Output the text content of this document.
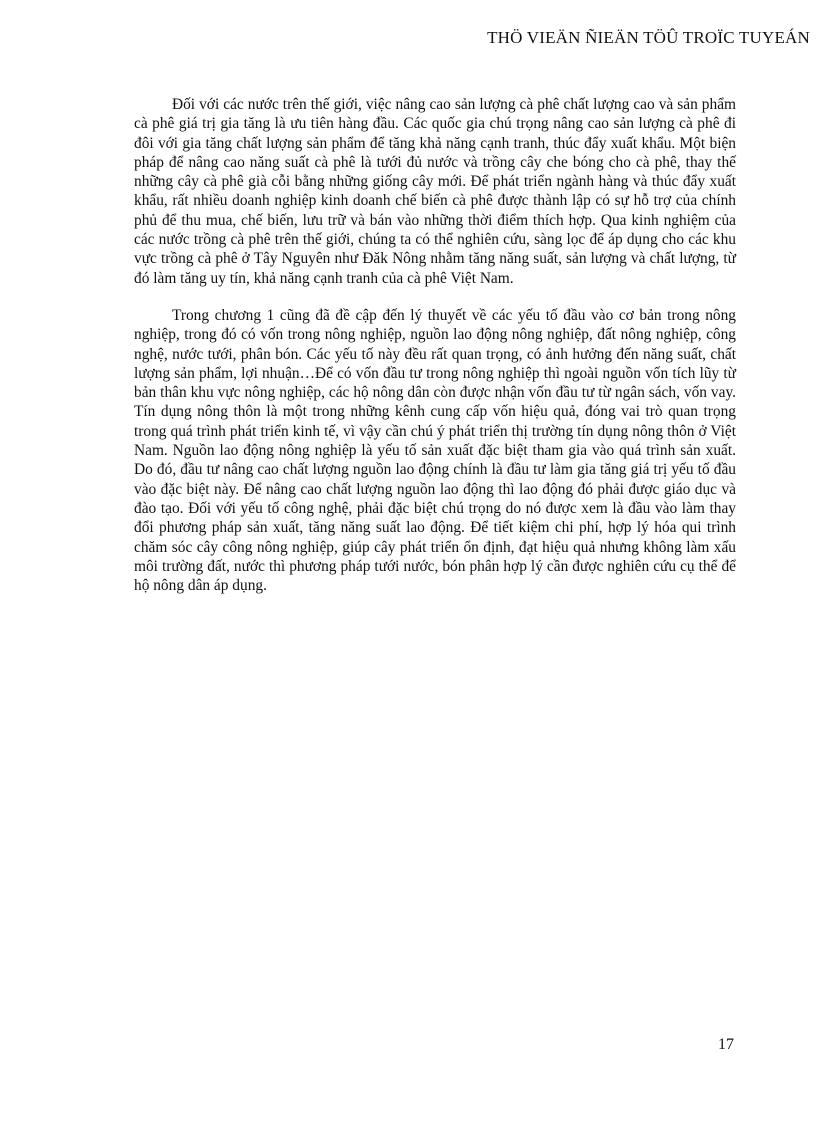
THÖ VIEÄN ÑIEÄN TÖÛ TROÏC TUYEÁN

Đối với các nước trên thế giới, việc nâng cao sản lượng cà phê chất lượng cao và sản phẩm cà phê giá trị gia tăng là ưu tiên hàng đầu. Các quốc gia chú trọng nâng cao sản lượng cà phê đi đôi với gia tăng chất lượng sản phẩm để tăng khả năng cạnh tranh, thúc đẩy xuất khẩu. Một biện pháp để nâng cao năng suất cà phê là tưới đủ nước và trồng cây che bóng cho cà phê, thay thế những cây cà phê già cỗi bằng những giống cây mới. Để phát triển ngành hàng và thúc đẩy xuất khẩu, rất nhiều doanh nghiệp kinh doanh chế biến cà phê được thành lập có sự hỗ trợ của chính phủ để thu mua, chế biến, lưu trữ và bán vào những thời điểm thích hợp. Qua kinh nghiệm của các nước trồng cà phê trên thế giới, chúng ta có thể nghiên cứu, sàng lọc để áp dụng cho các khu vực trồng cà phê ở Tây Nguyên như Đăk Nông nhằm tăng năng suất, sản lượng và chất lượng, từ đó làm tăng uy tín, khả năng cạnh tranh của cà phê Việt Nam.

Trong chương 1 cũng đã đề cập đến lý thuyết về các yếu tố đầu vào cơ bản trong nông nghiệp, trong đó có vốn trong nông nghiệp, nguồn lao động nông nghiệp, đất nông nghiệp, công nghệ, nước tưới, phân bón. Các yếu tố này đều rất quan trọng, có ảnh hưởng đến năng suất, chất lượng sản phẩm, lợi nhuận…Để có vốn đầu tư trong nông nghiệp thì ngoài nguồn vốn tích lũy từ bản thân khu vực nông nghiệp, các hộ nông dân còn được nhận vốn đầu tư từ ngân sách, vốn vay. Tín dụng nông thôn là một trong những kênh cung cấp vốn hiệu quả, đóng vai trò quan trọng trong quá trình phát triển kinh tế, vì vậy cần chú ý phát triển thị trường tín dụng nông thôn ở Việt Nam. Nguồn lao động nông nghiệp là yếu tố sản xuất đặc biệt tham gia vào quá trình sản xuất. Do đó, đầu tư nâng cao chất lượng nguồn lao động chính là đầu tư làm gia tăng giá trị yếu tố đầu vào đặc biệt này. Để nâng cao chất lượng nguồn lao động thì lao động đó phải được giáo dục và đào tạo. Đối với yếu tố công nghệ, phải đặc biệt chú trọng do nó được xem là đầu vào làm thay đổi phương pháp sản xuất, tăng năng suất lao động. Để tiết kiệm chi phí, hợp lý hóa qui trình chăm sóc cây công nông nghiệp, giúp cây phát triển ổn định, đạt hiệu quả nhưng không làm xấu môi trường đất, nước thì phương pháp tưới nước, bón phân hợp lý cần được nghiên cứu cụ thể để hộ nông dân áp dụng.

17
